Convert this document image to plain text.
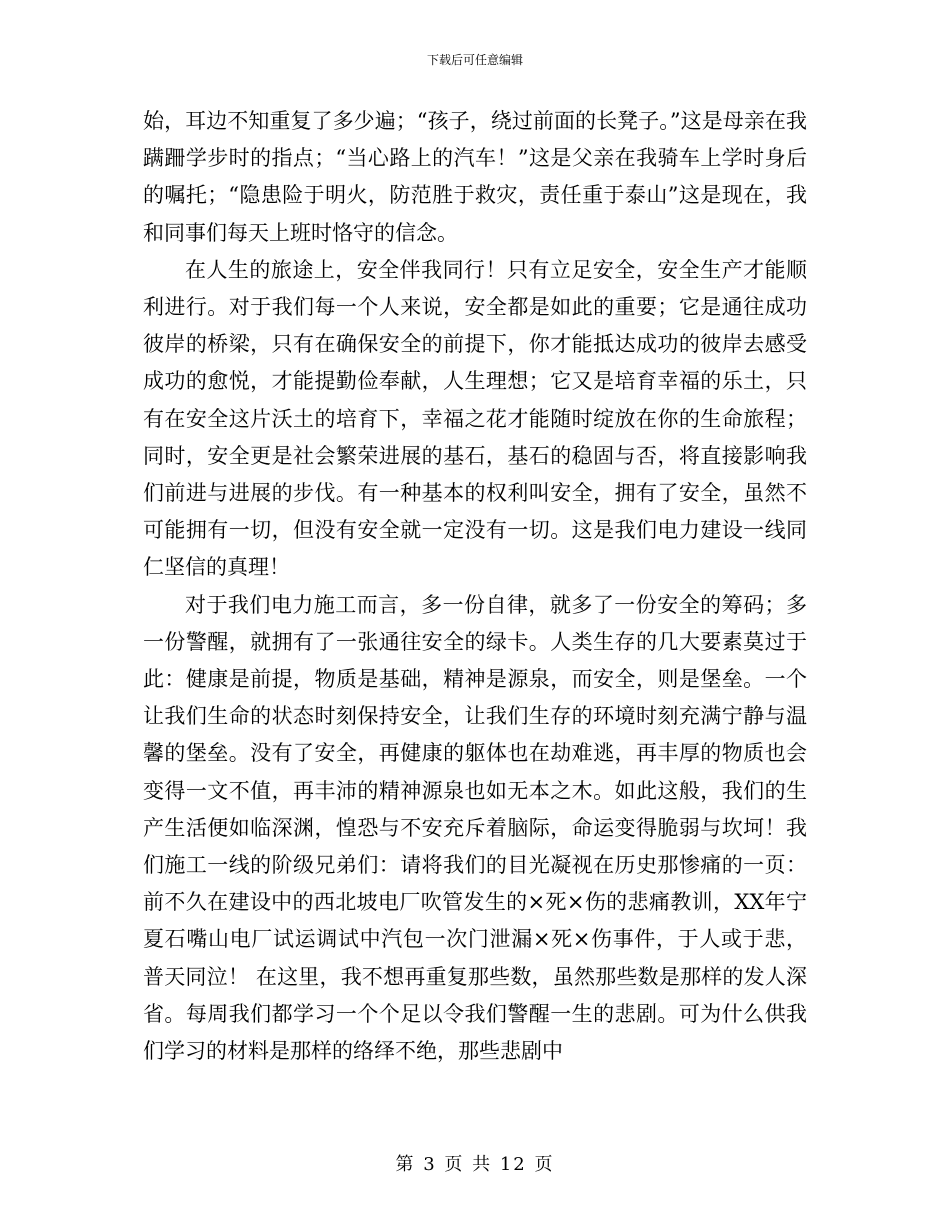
下载后可任意编辑

始，耳边不知重复了多少遍；“孩子，绕过前面的长凳子。”这是母亲在我蹒跚学步时的指点；“当心路上的汽车！”这是父亲在我骑车上学时身后的嘱托；“隐患险于明火，防范胜于救灾，责任重于泰山”这是现在，我和同事们每天上班时恪守的信念。

在人生的旅途上，安全伴我同行！只有立足安全，安全生产才能顺利进行。对于我们每一个人来说，安全都是如此的重要；它是通往成功彼岸的桥梁，只有在确保安全的前提下，你才能抵达成功的彼岸去感受成功的愈悦，才能提勤俭奉献，人生理想；它又是培育幸福的乐土，只有在安全这片沃土的培育下，幸福之花才能随时绽放在你的生命旅程；同时，安全更是社会繁荣进展的基石，基石的稳固与否，将直接影响我们前进与进展的步伐。有一种基本的权利叫安全，拥有了安全，虽然不可能拥有一切，但没有安全就一定没有一切。这是我们电力建设一线同仁坚信的真理！

对于我们电力施工而言，多一份自律，就多了一份安全的筹码；多一份警醒，就拥有了一张通往安全的绿卡。人类生存的几大要素莫过于此：健康是前提，物质是基础，精神是源泉，而安全，则是堡垒。一个让我们生命的状态时刻保持安全，让我们生存的环境时刻充满宁静与温馨的堡垒。没有了安全，再健康的躯体也在劫难逃，再丰厚的物质也会变得一文不值，再丰沛的精神源泉也如无本之木。如此这般，我们的生产生活便如临深渊，惶恐与不安充斥着脑际，命运变得脆弱与坎坷！我们施工一线的阶级兄弟们：请将我们的目光凝视在历史那惨痛的一页：前不久在建设中的西北坡电厂吹管发生的×死×伤的悲痛教训，XX年宁夏石嘴山电厂试运调试中汽包一次门泄漏×死×伤事件，于人或于悲，普天同泣！ 在这里，我不想再重复那些数，虽然那些数是那样的发人深省。每周我们都学习一个个足以令我们警醒一生的悲剧。可为什么供我们学习的材料是那样的络绎不绝，那些悲剧中

第 3 页 共 12 页
